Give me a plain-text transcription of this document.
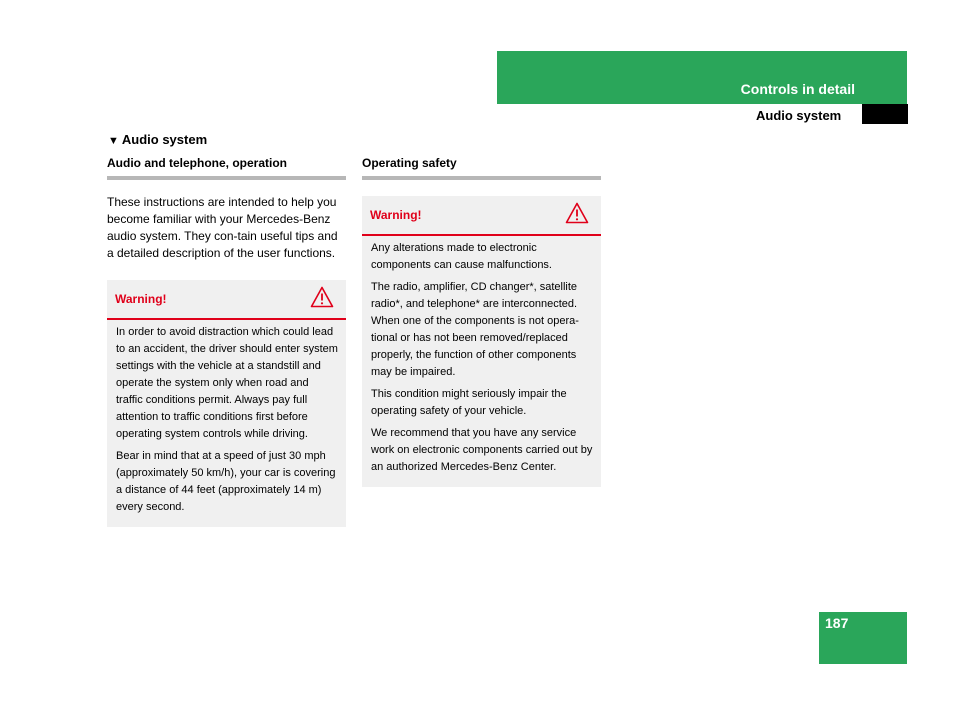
Controls in detail
Audio system
▼ Audio system
Audio and telephone, operation
These instructions are intended to help you become familiar with your Mercedes-Benz audio system. They con-tain useful tips and a detailed description of the user functions.
Warning!

In order to avoid distraction which could lead to an accident, the driver should enter system settings with the vehicle at a standstill and operate the system only when road and traffic conditions permit. Always pay full attention to traffic conditions first before operating system controls while driving.

Bear in mind that at a speed of just 30 mph (approximately 50 km/h), your car is covering a distance of 44 feet (approximately 14 m) every second.

Operating safety
Warning!

Any alterations made to electronic components can cause malfunctions.

The radio, amplifier, CD changer*, satellite radio*, and telephone* are interconnected. When one of the components is not opera-tional or has not been removed/replaced properly, the function of other components may be impaired.

This condition might seriously impair the operating safety of your vehicle.

We recommend that you have any service work on electronic components carried out by an authorized Mercedes-Benz Center.

187
